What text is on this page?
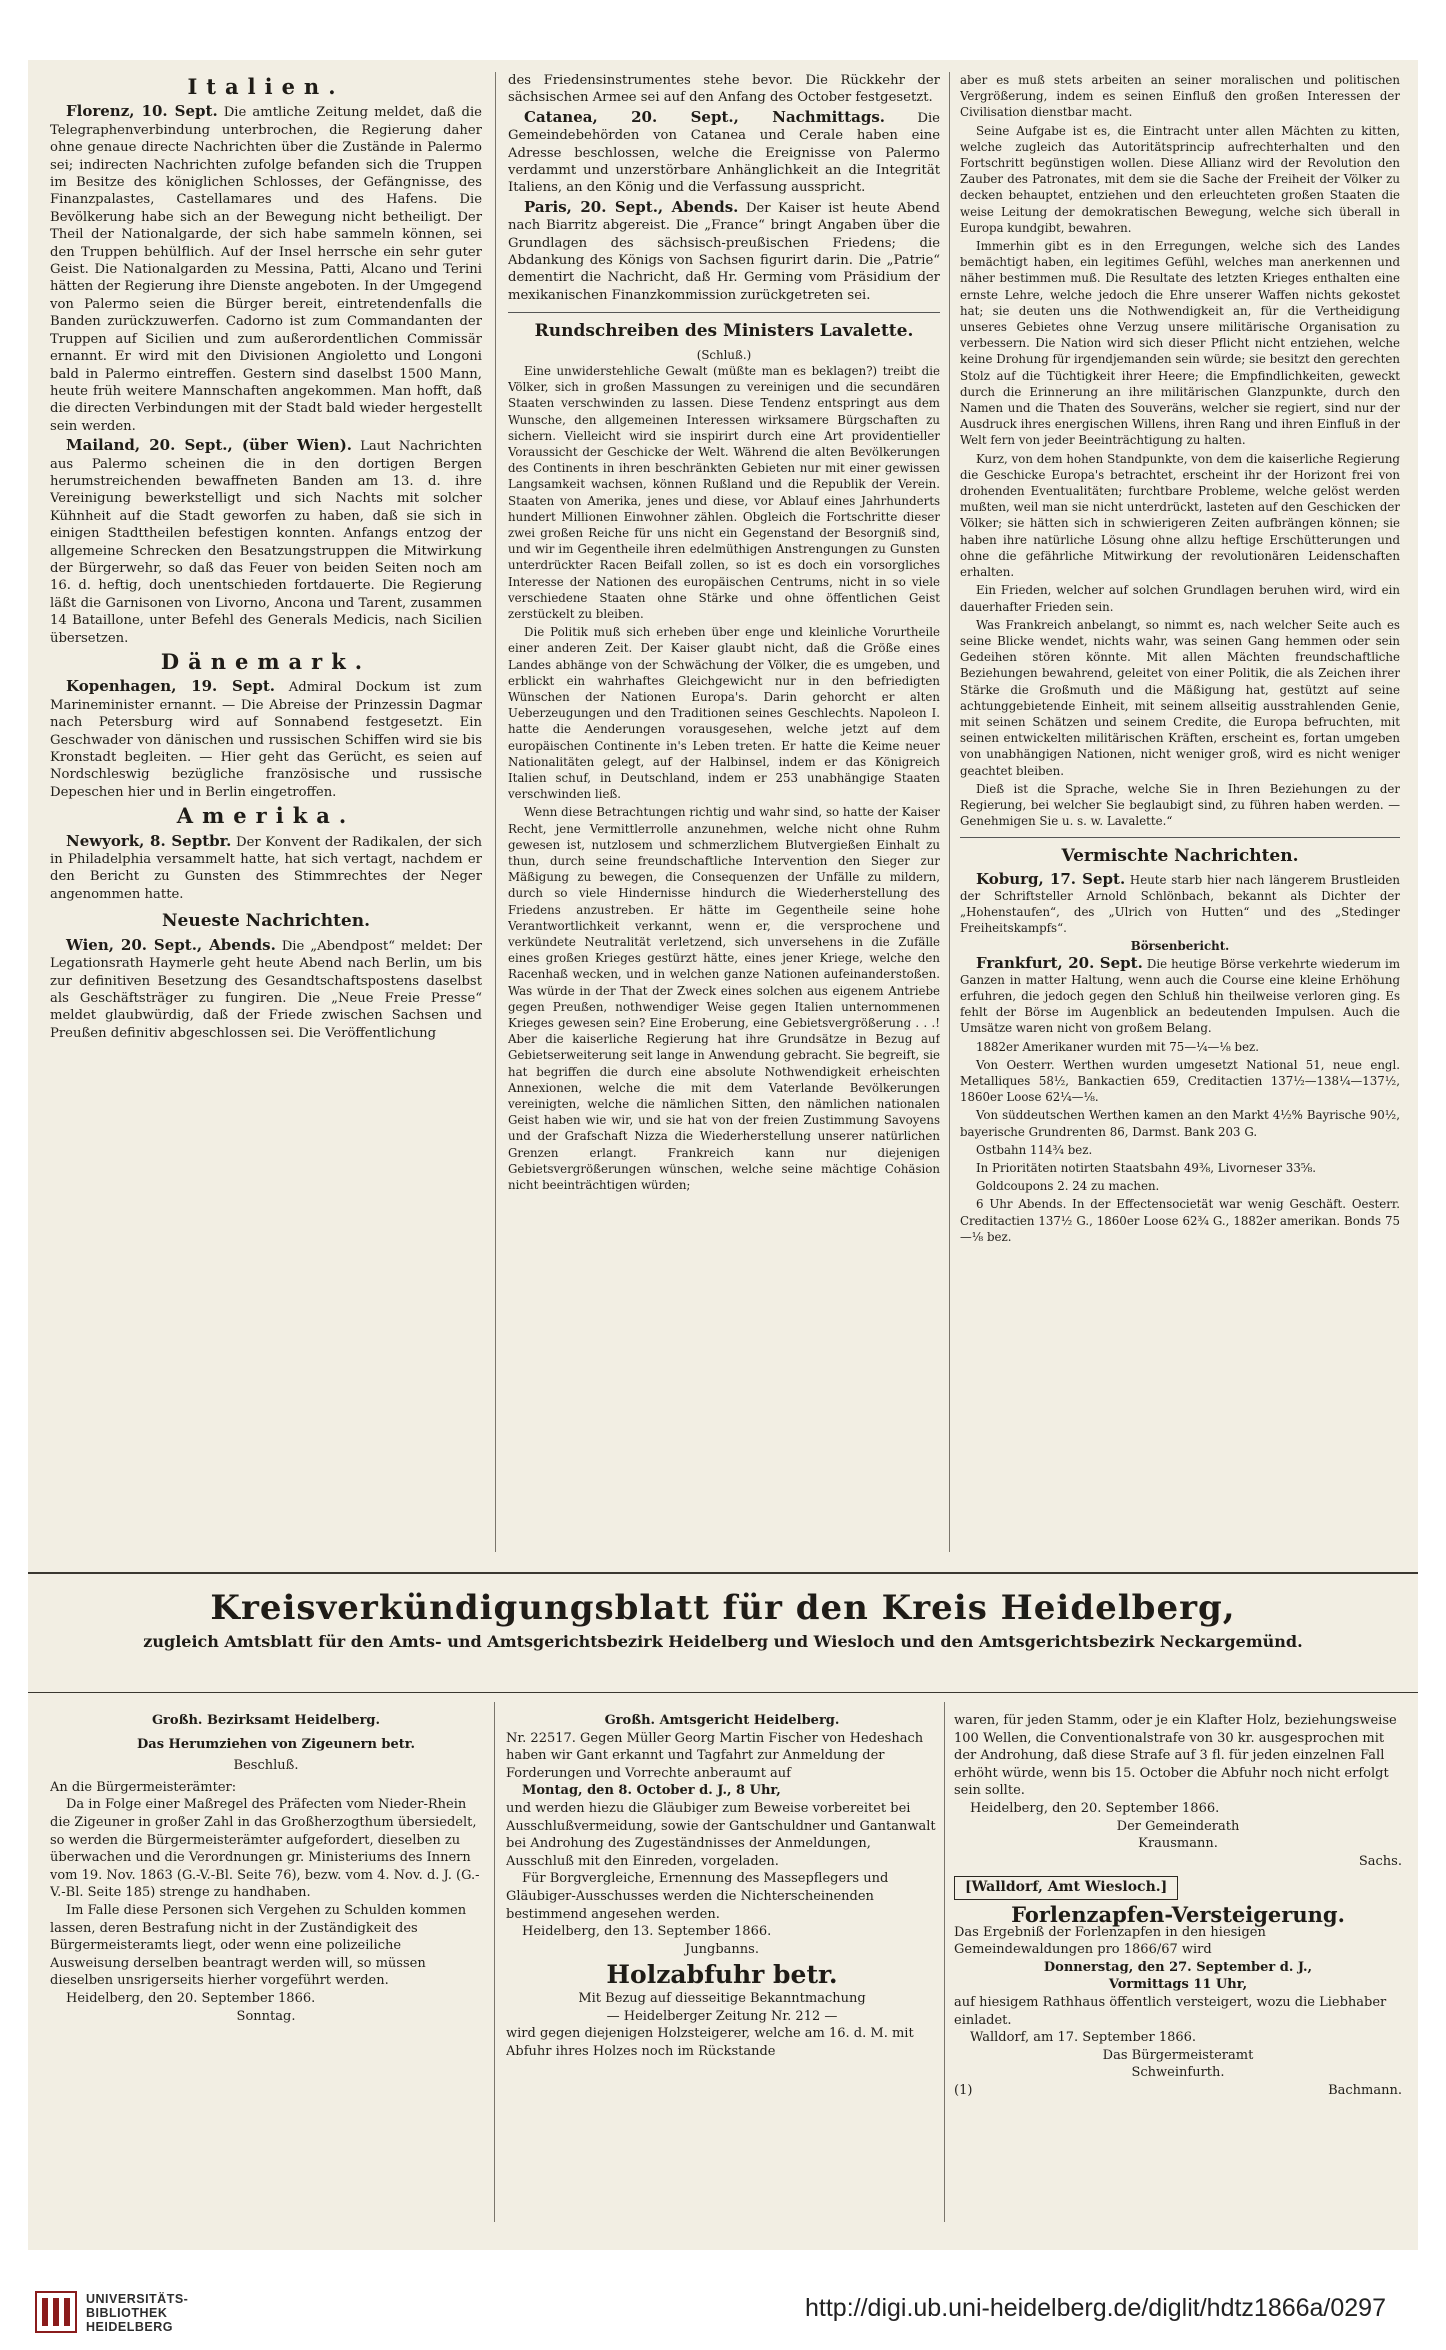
Italien.

Florenz, 10. Sept. Die amtliche Zeitung meldet, daß die Telegraphenverbindung unterbrochen, die Regierung daher ohne genaue directe Nachrichten über die Zustände in Palermo sei; indirecten Nachrichten zufolge befanden sich die Truppen im Besitze des königlichen Schlosses, der Gefängnisse, des Finanzpalastes, Castellamares und des Hafens. Die Bevölkerung habe sich an der Bewegung nicht betheiligt. Der Theil der Nationalgarde, der sich habe sammeln können, sei den Truppen behülflich. Auf der Insel herrsche ein sehr guter Geist. Die Nationalgarden zu Messina, Patti, Alcano und Terini hätten der Regierung ihre Dienste angeboten. In der Umgegend von Palermo seien die Bürger bereit, eintretendenfalls die Banden zurückzuwerfen. Cadorno ist zum Commandanten der Truppen auf Sicilien und zum außerordentlichen Commissär ernannt. Er wird mit den Divisionen Angioletto und Longoni bald in Palermo eintreffen. Gestern sind daselbst 1500 Mann, heute früh weitere Mannschaften angekommen. Man hofft, daß die directen Verbindungen mit der Stadt bald wieder hergestellt sein werden.

Mailand, 20. Sept., (über Wien). Laut Nachrichten aus Palermo scheinen die in den dortigen Bergen herumstreichenden bewaffneten Banden am 13. d. ihre Vereinigung bewerkstelligt und sich Nachts mit solcher Kühnheit auf die Stadt geworfen zu haben, daß sie sich in einigen Stadttheilen befestigen konnten. Anfangs entzog der allgemeine Schrecken den Besatzungstruppen die Mitwirkung der Bürgerwehr, so daß das Feuer von beiden Seiten noch am 16. d. heftig, doch unentschieden fortdauerte. Die Regierung läßt die Garnisonen von Livorno, Ancona und Tarent, zusammen 14 Bataillone, unter Befehl des Generals Medicis, nach Sicilien übersetzen.

Dänemark.

Kopenhagen, 19. Sept. Admiral Dockum ist zum Marineminister ernannt. — Die Abreise der Prinzessin Dagmar nach Petersburg wird auf Sonnabend festgesetzt. Ein Geschwader von dänischen und russischen Schiffen wird sie bis Kronstadt begleiten. — Hier geht das Gerücht, es seien auf Nordschleswig bezügliche französische und russische Depeschen hier und in Berlin eingetroffen.

Amerika.

Newyork, 8. Septbr. Der Konvent der Radikalen, der sich in Philadelphia versammelt hatte, hat sich vertagt, nachdem er den Bericht zu Gunsten des Stimmrechtes der Neger angenommen hatte.

Neueste Nachrichten.

Wien, 20. Sept., Abends. Die „Abendpost“ meldet: Der Legationsrath Haymerle geht heute Abend nach Berlin, um bis zur definitiven Besetzung des Gesandtschaftspostens daselbst als Geschäftsträger zu fungiren. Die „Neue Freie Presse“ meldet glaubwürdig, daß der Friede zwischen Sachsen und Preußen definitiv abgeschlossen sei. Die Veröffentlichung

des Friedensinstrumentes stehe bevor. Die Rückkehr der sächsischen Armee sei auf den Anfang des October festgesetzt.

Catanea, 20. Sept., Nachmittags. Die Gemeindebehörden von Catanea und Cerale haben eine Adresse beschlossen, welche die Ereignisse von Palermo verdammt und unzerstörbare Anhänglichkeit an die Integrität Italiens, an den König und die Verfassung ausspricht.

Paris, 20. Sept., Abends. Der Kaiser ist heute Abend nach Biarritz abgereist. Die „France“ bringt Angaben über die Grundlagen des sächsisch-preußischen Friedens; die Abdankung des Königs von Sachsen figurirt darin. Die „Patrie“ dementirt die Nachricht, daß Hr. Germing vom Präsidium der mexikanischen Finanzkommission zurückgetreten sei.

Rundschreiben des Ministers Lavalette.
(Schluß.)

Eine unwiderstehliche Gewalt (müßte man es beklagen?) treibt die Völker, sich in großen Massungen zu vereinigen und die secundären Staaten verschwinden zu lassen. Diese Tendenz entspringt aus dem Wunsche, den allgemeinen Interessen wirksamere Bürgschaften zu sichern. Vielleicht wird sie inspirirt durch eine Art providentieller Voraussicht der Geschicke der Welt. Während die alten Bevölkerungen des Continents in ihren beschränkten Gebieten nur mit einer gewissen Langsamkeit wachsen, können Rußland und die Republik der Verein. Staaten von Amerika, jenes und diese, vor Ablauf eines Jahrhunderts hundert Millionen Einwohner zählen. Obgleich die Fortschritte dieser zwei großen Reiche für uns nicht ein Gegenstand der Besorgniß sind, und wir im Gegentheile ihren edelmüthigen Anstrengungen zu Gunsten unterdrückter Racen Beifall zollen, so ist es doch ein vorsorgliches Interesse der Nationen des europäischen Centrums, nicht in so viele verschiedene Staaten ohne Stärke und ohne öffentlichen Geist zerstückelt zu bleiben.

Die Politik muß sich erheben über enge und kleinliche Vorurtheile einer anderen Zeit. Der Kaiser glaubt nicht, daß die Größe eines Landes abhänge von der Schwächung der Völker, die es umgeben, und erblickt ein wahrhaftes Gleichgewicht nur in den befriedigten Wünschen der Nationen Europa's. Darin gehorcht er alten Ueberzeugungen und den Traditionen seines Geschlechts. Napoleon I. hatte die Aenderungen vorausgesehen, welche jetzt auf dem europäischen Continente in's Leben treten. Er hatte die Keime neuer Nationalitäten gelegt, auf der Halbinsel, indem er das Königreich Italien schuf, in Deutschland, indem er 253 unabhängige Staaten verschwinden ließ.

Wenn diese Betrachtungen richtig und wahr sind, so hatte der Kaiser Recht, jene Vermittlerrolle anzunehmen, welche nicht ohne Ruhm gewesen ist, nutzlosem und schmerzlichem Blutvergießen Einhalt zu thun, durch seine freundschaftliche Intervention den Sieger zur Mäßigung zu bewegen, die Consequenzen der Unfälle zu mildern, durch so viele Hindernisse hindurch die Wiederherstellung des Friedens anzustreben. Er hätte im Gegentheile seine hohe Verantwortlichkeit verkannt, wenn er, die versprochene und verkündete Neutralität verletzend, sich unversehens in die Zufälle eines großen Krieges gestürzt hätte, eines jener Kriege, welche den Racenhaß wecken, und in welchen ganze Nationen aufeinanderstoßen. Was würde in der That der Zweck eines solchen aus eigenem Antriebe gegen Preußen, nothwendiger Weise gegen Italien unternommenen Krieges gewesen sein? Eine Eroberung, eine Gebietsvergrößerung . . .! Aber die kaiserliche Regierung hat ihre Grundsätze in Bezug auf Gebietserweiterung seit lange in Anwendung gebracht. Sie begreift, sie hat begriffen die durch eine absolute Nothwendigkeit erheischten Annexionen, welche die mit dem Vaterlande Bevölkerungen vereinigten, welche die nämlichen Sitten, den nämlichen nationalen Geist haben wie wir, und sie hat von der freien Zustimmung Savoyens und der Grafschaft Nizza die Wiederherstellung unserer natürlichen Grenzen erlangt. Frankreich kann nur diejenigen Gebietsvergrößerungen wünschen, welche seine mächtige Cohäsion nicht beeinträchtigen würden;

aber es muß stets arbeiten an seiner moralischen und politischen Vergrößerung, indem es seinen Einfluß den großen Interessen der Civilisation dienstbar macht.

Seine Aufgabe ist es, die Eintracht unter allen Mächten zu kitten, welche zugleich das Autoritätsprincip aufrechterhalten und den Fortschritt begünstigen wollen. Diese Allianz wird der Revolution den Zauber des Patronates, mit dem sie die Sache der Freiheit der Völker zu decken behauptet, entziehen und den erleuchteten großen Staaten die weise Leitung der demokratischen Bewegung, welche sich überall in Europa kundgibt, bewahren.

Immerhin gibt es in den Erregungen, welche sich des Landes bemächtigt haben, ein legitimes Gefühl, welches man anerkennen und näher bestimmen muß. Die Resultate des letzten Krieges enthalten eine ernste Lehre, welche jedoch die Ehre unserer Waffen nichts gekostet hat; sie deuten uns die Nothwendigkeit an, für die Vertheidigung unseres Gebietes ohne Verzug unsere militärische Organisation zu verbessern. Die Nation wird sich dieser Pflicht nicht entziehen, welche keine Drohung für irgendjemanden sein würde; sie besitzt den gerechten Stolz auf die Tüchtigkeit ihrer Heere; die Empfindlichkeiten, geweckt durch die Erinnerung an ihre militärischen Glanzpunkte, durch den Namen und die Thaten des Souveräns, welcher sie regiert, sind nur der Ausdruck ihres energischen Willens, ihren Rang und ihren Einfluß in der Welt fern von jeder Beeinträchtigung zu halten.

Kurz, von dem hohen Standpunkte, von dem die kaiserliche Regierung die Geschicke Europa's betrachtet, erscheint ihr der Horizont frei von drohenden Eventualitäten; furchtbare Probleme, welche gelöst werden mußten, weil man sie nicht unterdrückt, lasteten auf den Geschicken der Völker; sie hätten sich in schwierigeren Zeiten aufbrängen können; sie haben ihre natürliche Lösung ohne allzu heftige Erschütterungen und ohne die gefährliche Mitwirkung der revolutionären Leidenschaften erhalten.

Ein Frieden, welcher auf solchen Grundlagen beruhen wird, wird ein dauerhafter Frieden sein.

Was Frankreich anbelangt, so nimmt es, nach welcher Seite auch es seine Blicke wendet, nichts wahr, was seinen Gang hemmen oder sein Gedeihen stören könnte. Mit allen Mächten freundschaftliche Beziehungen bewahrend, geleitet von einer Politik, die als Zeichen ihrer Stärke die Großmuth und die Mäßigung hat, gestützt auf seine achtunggebietende Einheit, mit seinem allseitig ausstrahlenden Genie, mit seinen Schätzen und seinem Credite, die Europa befruchten, mit seinen entwickelten militärischen Kräften, erscheint es, fortan umgeben von unabhängigen Nationen, nicht weniger groß, wird es nicht weniger geachtet bleiben.

Dieß ist die Sprache, welche Sie in Ihren Beziehungen zu der Regierung, bei welcher Sie beglaubigt sind, zu führen haben werden. — Genehmigen Sie u. s. w. Lavalette.“

Vermischte Nachrichten.

Koburg, 17. Sept. Heute starb hier nach längerem Brustleiden der Schriftsteller Arnold Schlönbach, bekannt als Dichter der „Hohenstaufen“, des „Ulrich von Hutten“ und des „Stedinger Freiheitskampfs“.

Börsenbericht.

Frankfurt, 20. Sept. Die heutige Börse verkehrte wiederum im Ganzen in matter Haltung, wenn auch die Course eine kleine Erhöhung erfuhren, die jedoch gegen den Schluß hin theilweise verloren ging. Es fehlt der Börse im Augenblick an bedeutenden Impulsen. Auch die Umsätze waren nicht von großem Belang.

1882er Amerikaner wurden mit 75—¼—⅛ bez.

Von Oesterr. Werthen wurden umgesetzt National 51, neue engl. Metalliques 58½, Bankactien 659, Creditactien 137½—138¼—137½, 1860er Loose 62¼—⅛.

Von süddeutschen Werthen kamen an den Markt 4½% Bayrische 90½, bayerische Grundrenten 86, Darmst. Bank 203 G.

Ostbahn 114¾ bez.

In Prioritäten notirten Staatsbahn 49⅜, Livorneser 33⅝.

Goldcoupons 2. 24 zu machen.

6 Uhr Abends. In der Effectensocietät war wenig Geschäft. Oesterr. Creditactien 137½ G., 1860er Loose 62¾ G., 1882er amerikan. Bonds 75—⅛ bez.

Kreisverkündigungsblatt für den Kreis Heidelberg,
zugleich Amtsblatt für den Amts- und Amtsgerichtsbezirk Heidelberg und Wiesloch und den Amtsgerichtsbezirk Neckargemünd.
Großh. Bezirksamt Heidelberg.
Das Herumziehen von Zigeunern betr.
Beschluß.
An die Bürgermeisterämter:

Da in Folge einer Maßregel des Präfecten vom Nieder-Rhein die Zigeuner in großer Zahl in das Großherzogthum übersiedelt, so werden die Bürgermeisterämter aufgefordert, dieselben zu überwachen und die Verordnungen gr. Ministeriums des Innern vom 19. Nov. 1863 (G.-V.-Bl. Seite 76), bezw. vom 4. Nov. d. J. (G.-V.-Bl. Seite 185) strenge zu handhaben.

Im Falle diese Personen sich Vergehen zu Schulden kommen lassen, deren Bestrafung nicht in der Zuständigkeit des Bürgermeisteramts liegt, oder wenn eine polizeiliche Ausweisung derselben beantragt werden will, so müssen dieselben unsrigerseits hierher vorgeführt werden.

Heidelberg, den 20. September 1866.
Sonntag.
Großh. Amtsgericht Heidelberg.

Nr. 22517. Gegen Müller Georg Martin Fischer von Hedeshach haben wir Gant erkannt und Tagfahrt zur Anmeldung der Forderungen und Vorrechte anberaumt auf

Montag, den 8. October d. J., 8 Uhr,

und werden hiezu die Gläubiger zum Beweise vorbereitet bei Ausschlußvermeidung, sowie der Gantschuldner und Gantanwalt bei Androhung des Zugeständnisses der Anmeldungen, Ausschluß mit den Einreden, vorgeladen.

Für Borgvergleiche, Ernennung des Massepflegers und Gläubiger-Ausschusses werden die Nichterscheinenden bestimmend angesehen werden.

Heidelberg, den 13. September 1866.
Jungbanns.
Holzabfuhr betr.
Mit Bezug auf diesseitige Bekanntmachung
— Heidelberger Zeitung Nr. 212 —

wird gegen diejenigen Holzsteigerer, welche am 16. d. M. mit Abfuhr ihres Holzes noch im Rückstande

waren, für jeden Stamm, oder je ein Klafter Holz, beziehungsweise 100 Wellen, die Conventionalstrafe von 30 kr. ausgesprochen mit der Androhung, daß diese Strafe auf 3 fl. für jeden einzelnen Fall erhöht würde, wenn bis 15. October die Abfuhr noch nicht erfolgt sein sollte.

Heidelberg, den 20. September 1866.
Der Gemeinderath
Krausmann.
Sachs.
[Walldorf, Amt Wiesloch.]
Forlenzapfen-Versteigerung.

Das Ergebniß der Forlenzapfen in den hiesigen Gemeindewaldungen pro 1866/67 wird

Donnerstag, den 27. September d. J.,
Vormittags 11 Uhr,

auf hiesigem Rathhaus öffentlich versteigert, wozu die Liebhaber einladet.

Walldorf, am 17. September 1866.
Das Bürgermeisteramt
Schweinfurth.
(1)	Bachmann.
UNIVERSITÄTS-
BIBLIOTHEK
HEIDELBERG
http://digi.ub.uni-heidelberg.de/diglit/hdtz1866a/0297
